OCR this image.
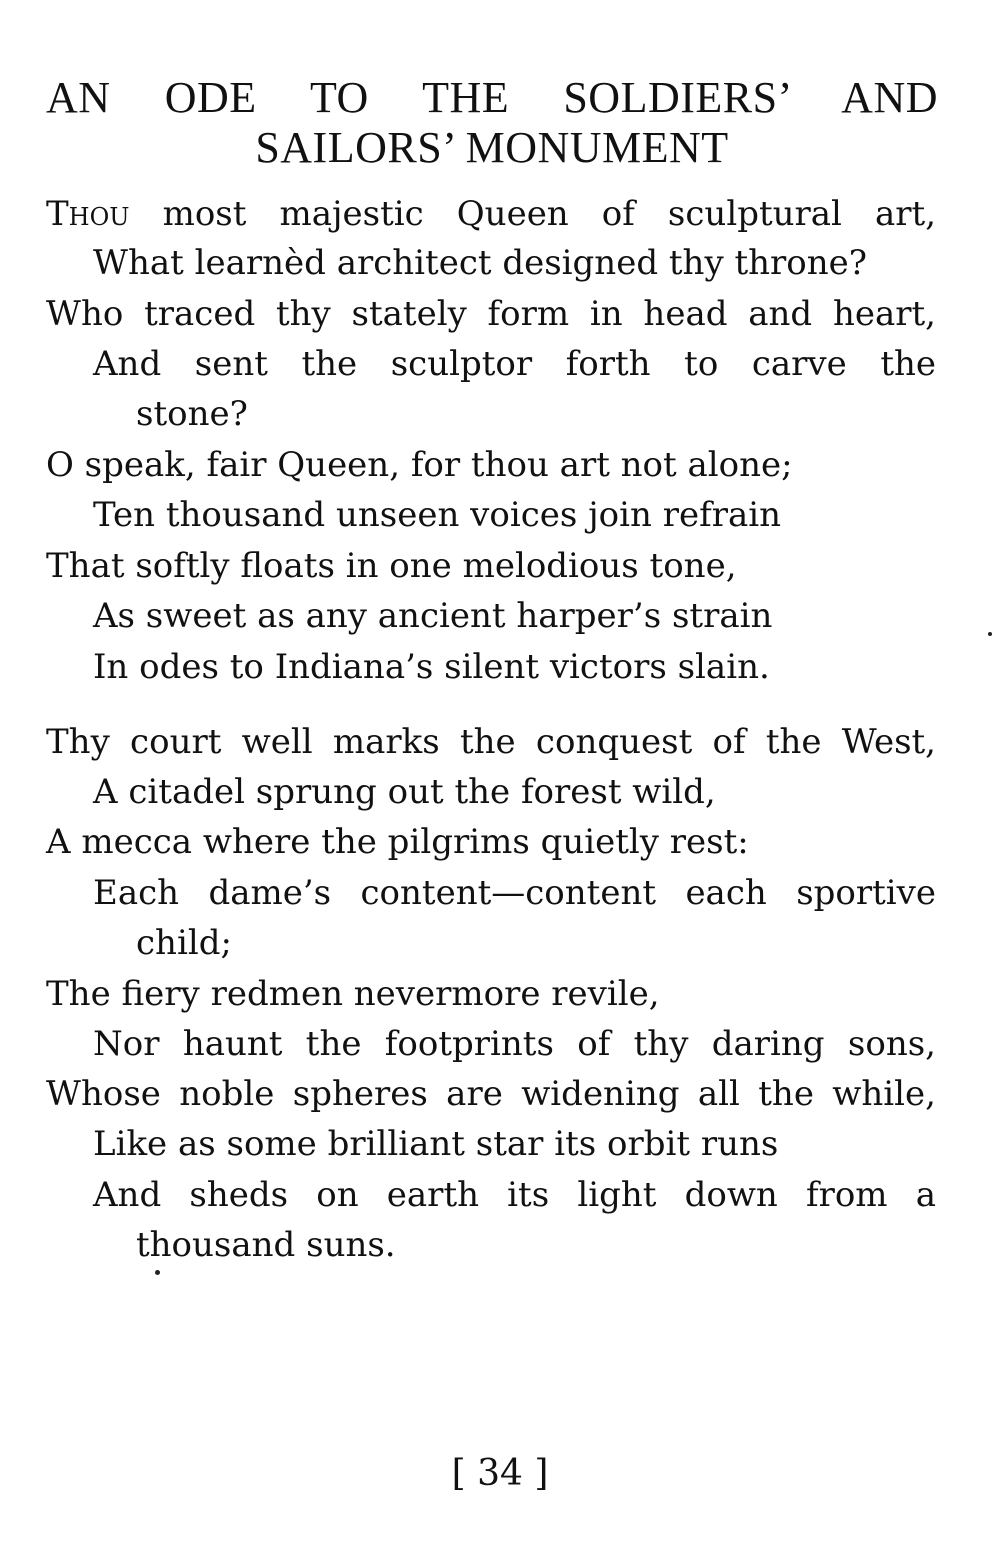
AN ODE TO THE SOLDIERS’ AND
SAILORS’ MONUMENT
Thou most majestic Queen of sculptural art,
What learnèd architect designed thy throne?
Who traced thy stately form in head and heart,
And sent the sculptor forth to carve the
stone?
O speak, fair Queen, for thou art not alone;
Ten thousand unseen voices join refrain
That softly floats in one melodious tone,
As sweet as any ancient harper’s strain
In odes to Indiana’s silent victors slain.
Thy court well marks the conquest of the West,
A citadel sprung out the forest wild,
A mecca where the pilgrims quietly rest:
Each dame’s content—content each sportive
child;
The fiery redmen nevermore revile,
Nor haunt the footprints of thy daring sons,
Whose noble spheres are widening all the while,
Like as some brilliant star its orbit runs
And sheds on earth its light down from a
thousand suns.
[ 34 ]
